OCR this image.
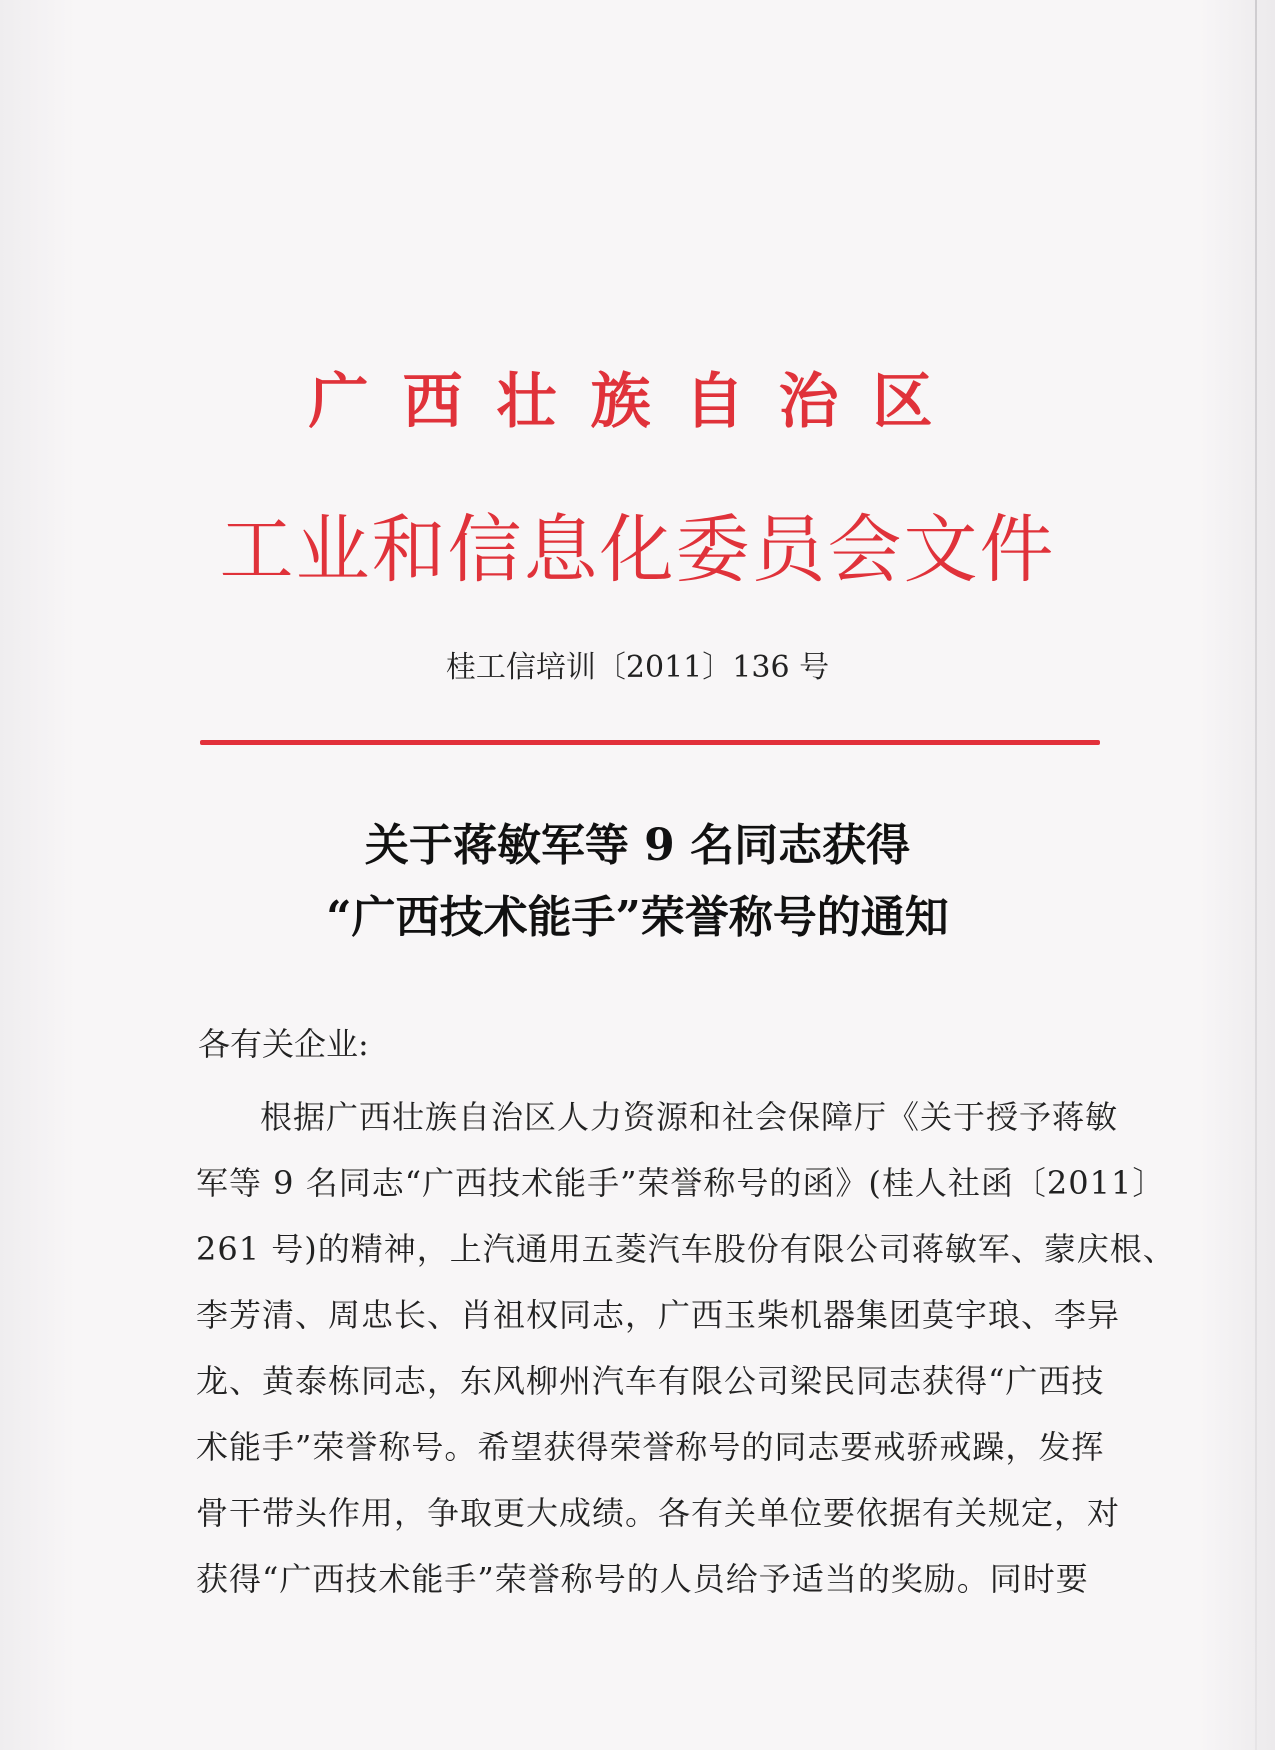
广西壮族自治区
工业和信息化委员会文件
桂工信培训〔2011〕136 号
关于蒋敏军等 9 名同志获得
“广西技术能手”荣誉称号的通知
各有关企业:

根据广西壮族自治区人力资源和社会保障厅《关于授予蒋敏
军等 9 名同志“广西技术能手”荣誉称号的函》(桂人社函〔2011〕
261 号)的精神，上汽通用五菱汽车股份有限公司蒋敏军、蒙庆根、
李芳清、周忠长、肖祖权同志，广西玉柴机器集团莫宇琅、李异
龙、黄泰栋同志，东风柳州汽车有限公司梁民同志获得“广西技
术能手”荣誉称号。希望获得荣誉称号的同志要戒骄戒躁，发挥
骨干带头作用，争取更大成绩。各有关单位要依据有关规定，对
获得“广西技术能手”荣誉称号的人员给予适当的奖励。同时要
